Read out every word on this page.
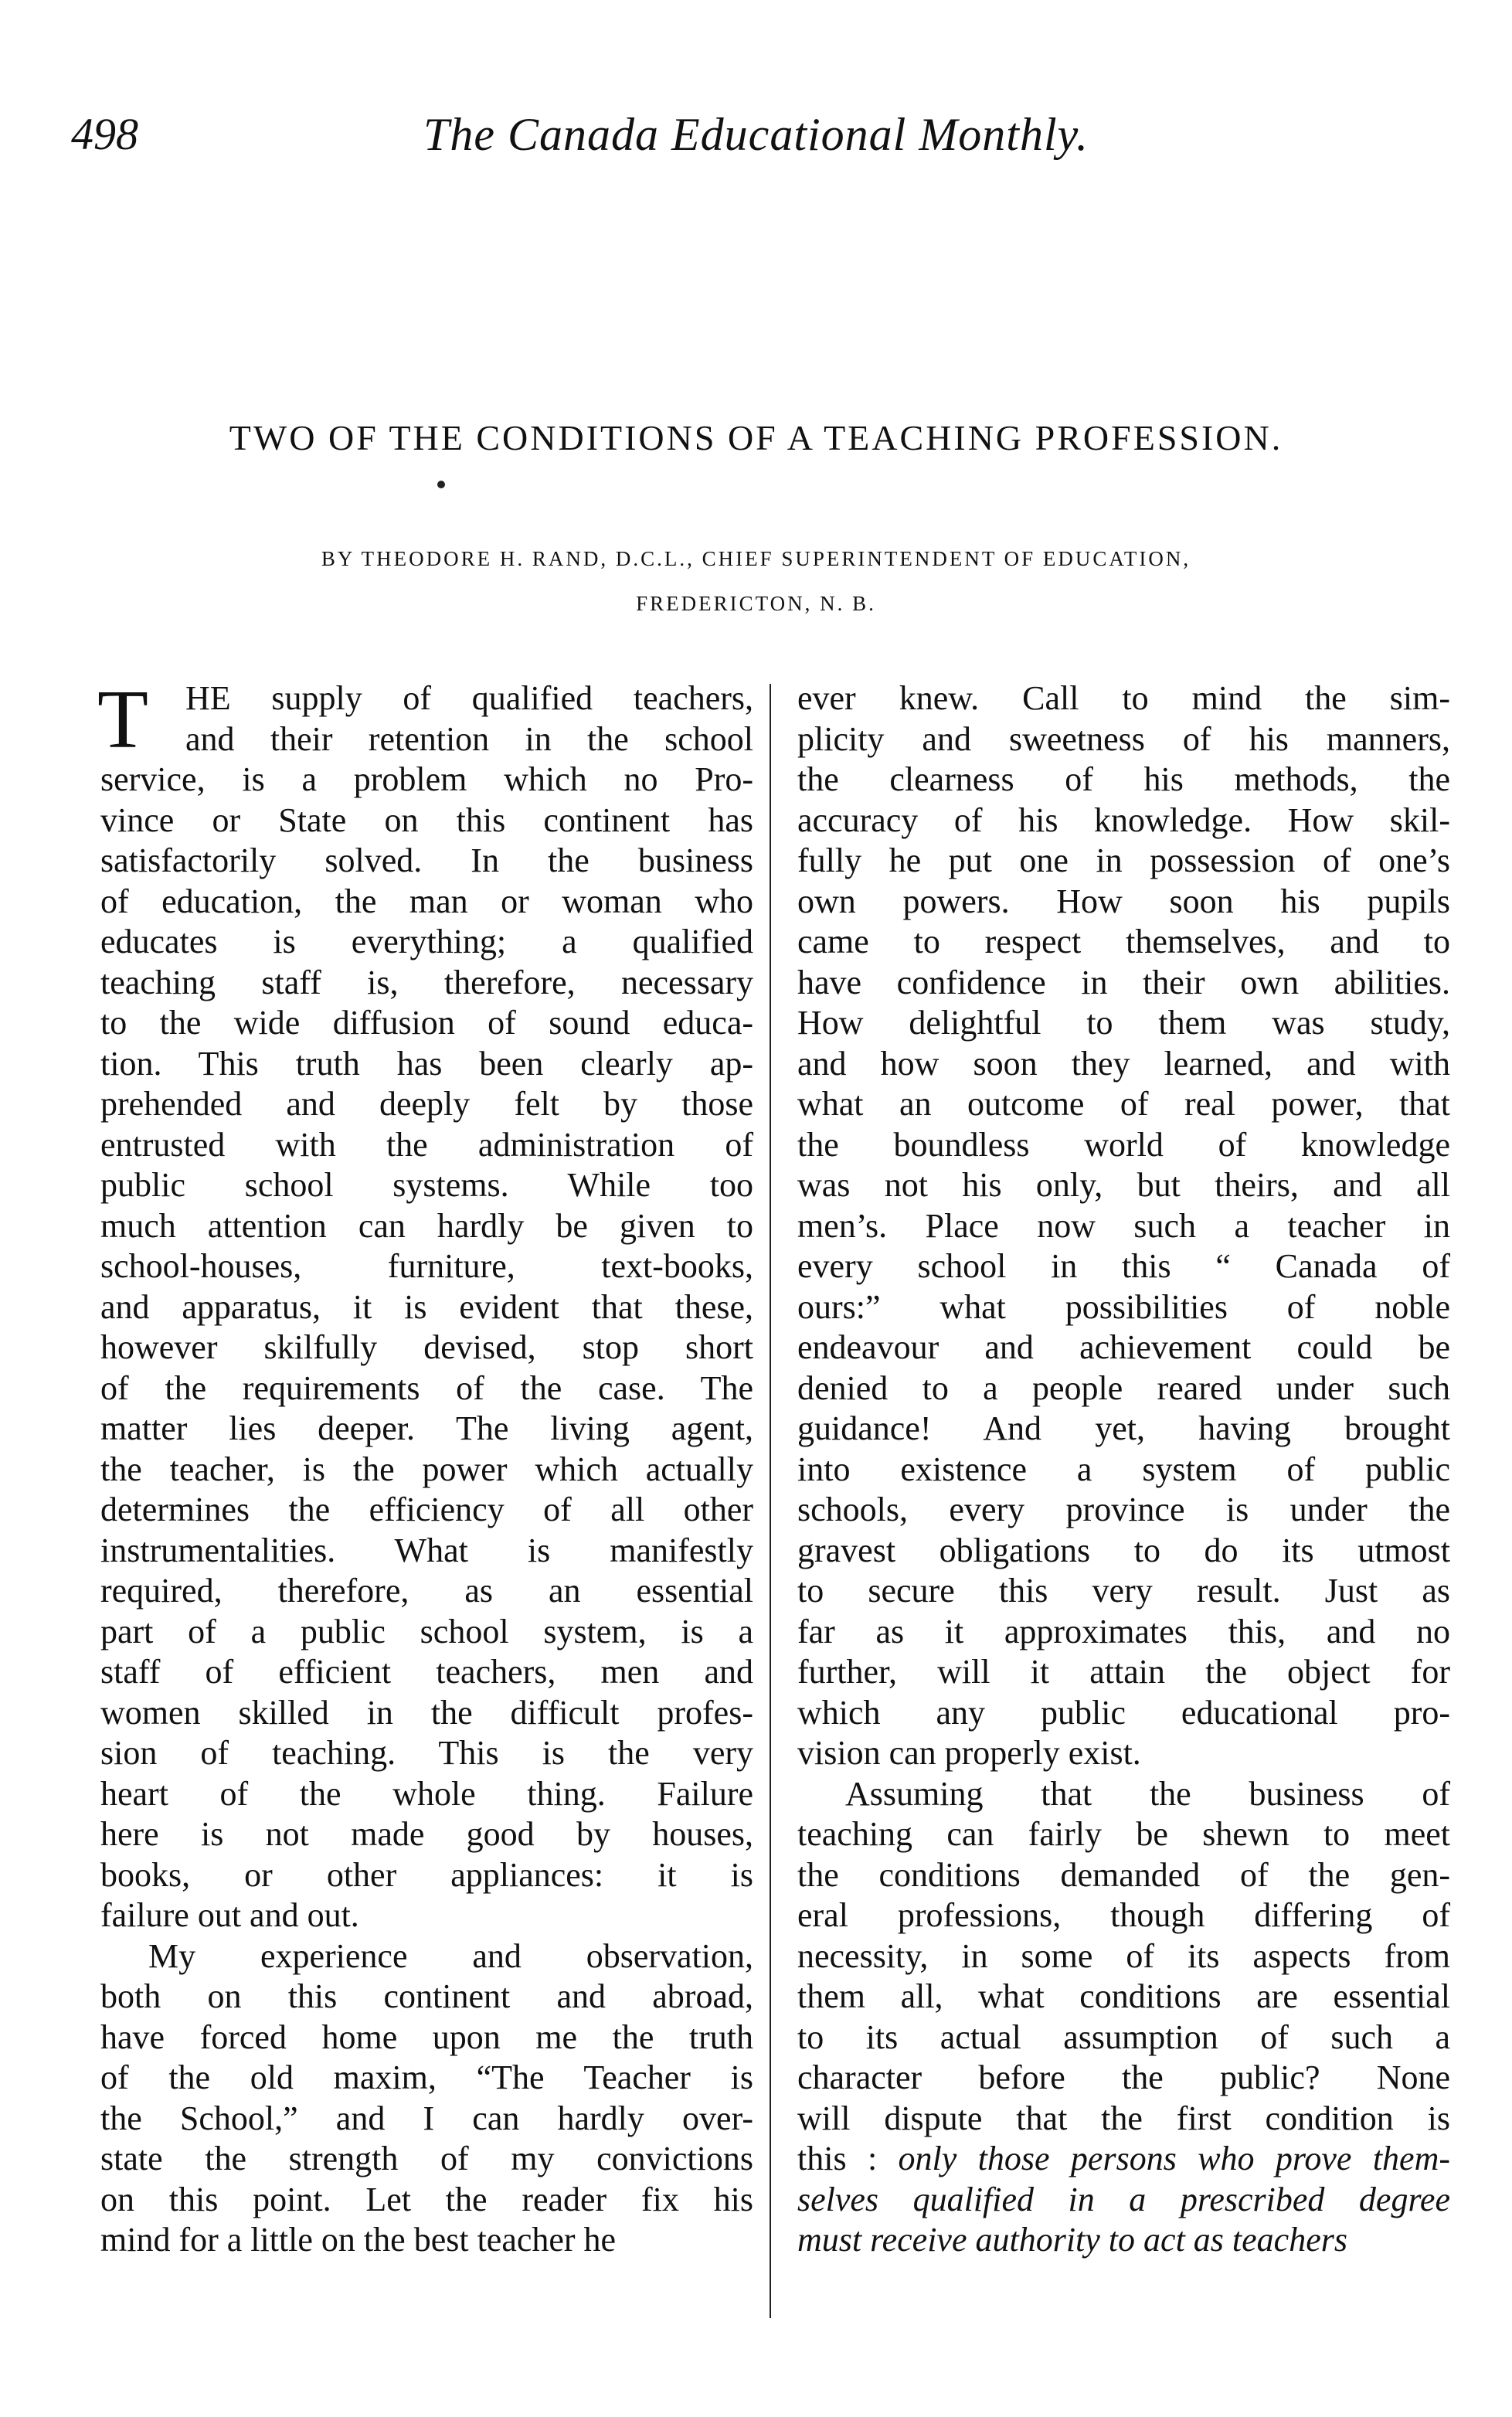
498	The Canada Educational Monthly.
TWO OF THE CONDITIONS OF A TEACHING PROFESSION.
BY THEODORE H. RAND, D.C.L., CHIEF SUPERINTENDENT OF EDUCATION,
FREDERICTON, N. B.
T	HE supply of qualified teachers,
and their retention in the school
service, is a problem which no Pro-
vince or State on this continent has
satisfactorily solved. In the business
of education, the man or woman who
educates is everything; a qualified
teaching staff is, therefore, necessary
to the wide diffusion of sound educa-
tion. This truth has been clearly ap-
prehended and deeply felt by those
entrusted with the administration of
public school systems. While too
much attention can hardly be given to
school-houses, furniture, text-books,
and apparatus, it is evident that these,
however skilfully devised, stop short
of the requirements of the case. The
matter lies deeper. The living agent,
the teacher, is the power which actually
determines the efficiency of all other
instrumentalities. What is manifestly
required, therefore, as an essential
part of a public school system, is a
staff of efficient teachers, men and
women skilled in the difficult profes-
sion of teaching. This is the very
heart of the whole thing. Failure
here is not made good by houses,
books, or other appliances: it is
failure out and out.
My experience and observation,
both on this continent and abroad,
have forced home upon me the truth
of the old maxim, “The Teacher is
the School,” and I can hardly over-
state the strength of my convictions
on this point. Let the reader fix his
mind for a little on the best teacher he
ever knew. Call to mind the sim-
plicity and sweetness of his manners,
the clearness of his methods, the
accuracy of his knowledge. How skil-
fully he put one in possession of one’s
own powers. How soon his pupils
came to respect themselves, and to
have confidence in their own abilities.
How delightful to them was study,
and how soon they learned, and with
what an outcome of real power, that
the boundless world of knowledge
was not his only, but theirs, and all
men’s. Place now such a teacher in
every school in this “ Canada of
ours:” what possibilities of noble
endeavour and achievement could be
denied to a people reared under such
guidance! And yet, having brought
into existence a system of public
schools, every province is under the
gravest obligations to do its utmost
to secure this very result. Just as
far as it approximates this, and no
further, will it attain the object for
which any public educational pro-
vision can properly exist.
Assuming that the business of
teaching can fairly be shewn to meet
the conditions demanded of the gen-
eral professions, though differing of
necessity, in some of its aspects from
them all, what conditions are essential
to its actual assumption of such a
character before the public? None
will dispute that the first condition is
this : only those persons who prove them-
selves qualified in a prescribed degree
must receive authority to act as teachers
